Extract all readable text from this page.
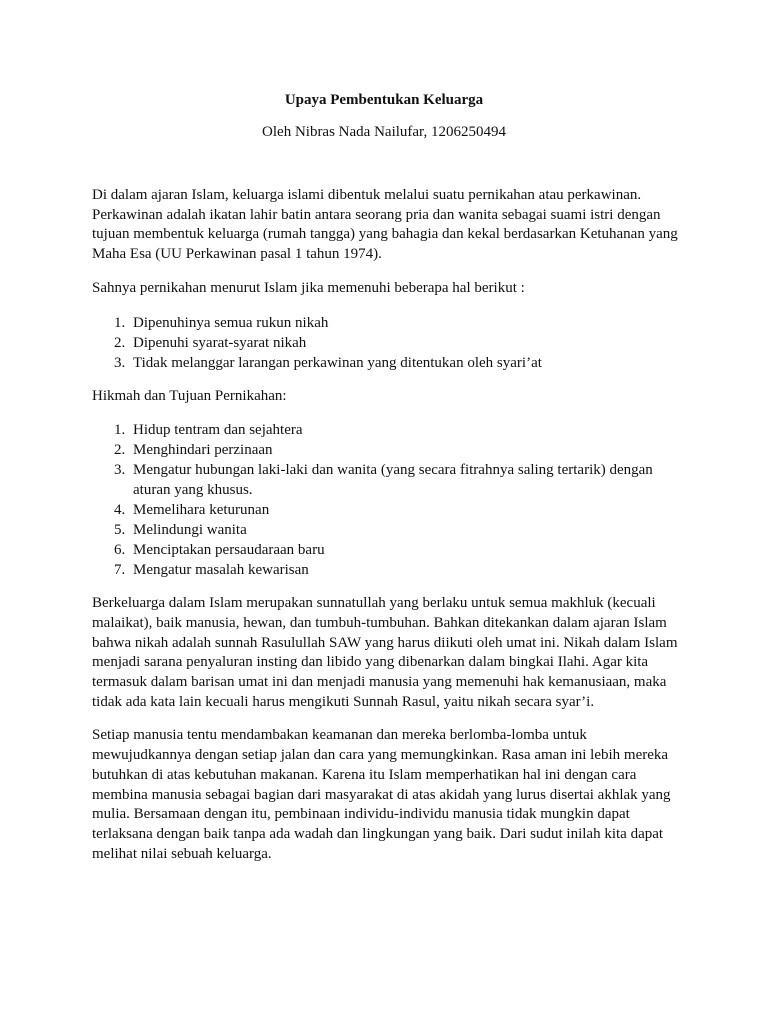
Upaya Pembentukan Keluarga
Oleh Nibras Nada Nailufar, 1206250494

Di dalam ajaran Islam, keluarga islami dibentuk melalui suatu pernikahan atau perkawinan. Perkawinan adalah ikatan lahir batin antara seorang pria dan wanita sebagai suami istri dengan tujuan membentuk keluarga (rumah tangga) yang bahagia dan kekal berdasarkan Ketuhanan yang Maha Esa (UU Perkawinan pasal 1 tahun 1974).

Sahnya pernikahan menurut Islam jika memenuhi beberapa hal berikut :

1. Dipenuhinya semua rukun nikah
2. Dipenuhi syarat-syarat nikah
3. Tidak melanggar larangan perkawinan yang ditentukan oleh syari’at

Hikmah dan Tujuan Pernikahan:

1. Hidup tentram dan sejahtera
2. Menghindari perzinaan
3. Mengatur hubungan laki-laki dan wanita (yang secara fitrahnya saling tertarik) dengan aturan yang khusus.
4. Memelihara keturunan
5. Melindungi wanita
6. Menciptakan persaudaraan baru
7. Mengatur masalah kewarisan

Berkeluarga dalam Islam merupakan sunnatullah yang berlaku untuk semua makhluk (kecuali malaikat), baik manusia, hewan, dan tumbuh-tumbuhan. Bahkan ditekankan dalam ajaran Islam bahwa nikah adalah sunnah Rasulullah SAW yang harus diikuti oleh umat ini. Nikah dalam Islam menjadi sarana penyaluran insting dan libido yang dibenarkan dalam bingkai Ilahi. Agar kita termasuk dalam barisan umat ini dan menjadi manusia yang memenuhi hak kemanusiaan, maka tidak ada kata lain kecuali harus mengikuti Sunnah Rasul, yaitu nikah secara syar’i.

Setiap manusia tentu mendambakan keamanan dan mereka berlomba-lomba untuk mewujudkannya dengan setiap jalan dan cara yang memungkinkan. Rasa aman ini lebih mereka butuhkan di atas kebutuhan makanan. Karena itu Islam memperhatikan hal ini dengan cara membina manusia sebagai bagian dari masyarakat di atas akidah yang lurus disertai akhlak yang mulia. Bersamaan dengan itu, pembinaan individu-individu manusia tidak mungkin dapat terlaksana dengan baik tanpa ada wadah dan lingkungan yang baik. Dari sudut inilah kita dapat melihat nilai sebuah keluarga.
